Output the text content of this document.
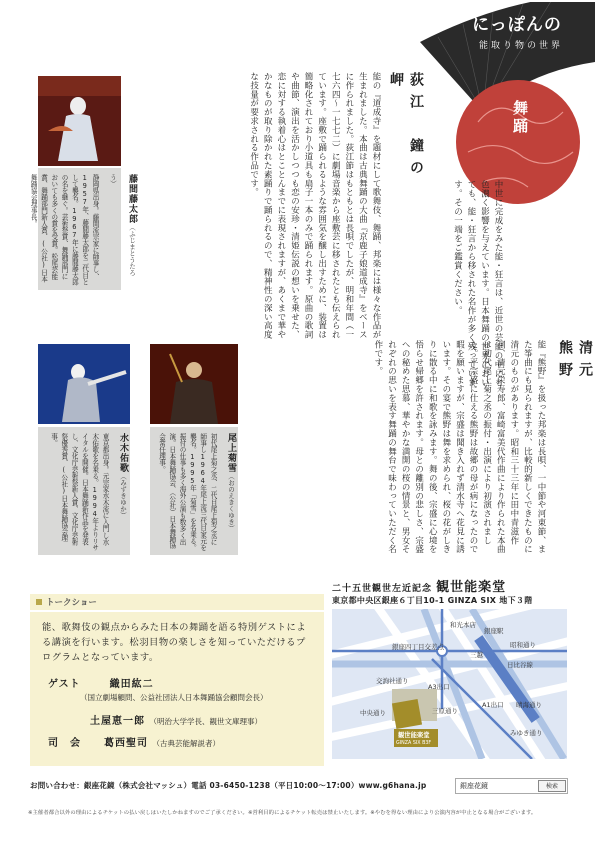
にっぽんの
能取り物の世界
舞踊
中世に完成をみた能・狂言は、近世の芸能の中にも色濃く影響を与えています。日本舞踊の世界においても、能・狂言から移された名作が多く残っています。その一端をご鑑賞ください。
荻江　鐘の岬
能の『道成寺』を題材にして歌舞伎、舞踊、邦楽には様々な作品が生まれました。本曲は古典舞踊の大曲『京鹿子娘道成寺』をベースに作られました。荻江節はもともとは長唄でしたが、明和年間（一七六四〜一七七二）に劇場音楽から座敷芸に移されたとも伝えられています。座敷で踊られるような雰囲気を醸し出すために、装置は簡略化されており小道具も扇子一本のみで踊られます。原曲の歌詞や曲節、演出を活かしつつも恋の安珍・清姫伝説の想いを乗せた、恋に対する執着心はとことんまでに表現されますが、あくまで華やかなものが取り除かれた素踊りで踊られるので、精神性の深い高度な技量が要求される作品です。
藤間藤太郎（ふじまとうたろう）
静岡県出身。藤間流宗家に師事し、1957年、藤間藤太郎を二代目として襲名。1967年に藤間藤太郎の名を継ぐ。芸術祭賞、舞踊部門においても多くの賞を受賞。松尾芸能賞、舞踊部門新人賞、(公社)日本舞踊協会理事長。
清元　熊野
能『熊野』を扱った邦楽は長唄、一中節や河東節、また筝曲にも見られますが、比較的新しくできたものに清元のものがあります。昭和三十三年に田中青滋作詞、清元栄寿郎、富崎富美代作曲により作られた本曲は初代尾上菊之丞の振付・出演により初演されました。平宗盛に仕える熊野は故郷の母が病になったので暇を願いますが、宗盛は聞き入れず清水寺へ花見に誘います。その宴で熊野は舞を求められ、桜の花がしきりに散る中に和歌を詠みます。舞の後、宗盛に心境を悟らせ帰郷を許されます。母との離別の悲しさ、宗盛への秘めた思慕、華やかな満開の桜の情景と、男女それぞれの思いを表す舞踊の舞台で味わっていただく名作です。
水木佑歌（みずきゆか）
東京都出身。元宗家水木流に入門し水木佑歌を名乗る。1994年よりリサイタルを開催。日本舞踊新作品を発表し、文化庁芸術祭新人賞、文化庁芸術祭優秀賞、(公社)日本舞踊協会理事。	尾上菊雪（おのえきくゆき）
初代尾上菊之丞、二代目尾上菊之丞に師事し1964年尾上流三代目家元を襲名。1995年「菊雪」を名乗る。振付の仕事も多く海外公演も数多く出演。日本舞踊協会、（公社）日本舞踊協会常任理事。
トークショー

能、歌舞伎の観点からみた日本の舞踊を語る特別ゲストによる講演を行います。松羽目物の楽しさを知っていただけるプログラムとなっています。

ゲスト	織田紘二
（国立劇場顧問、公益社団法人日本舞踊協会顧問会長）
土屋恵一郎 （明治大学学長、観世文庫理事）
司　会 葛西聖司 （古典芸能解説者）
二十五世観世左近記念 観世能楽堂
東京都中央区銀座６丁目10-1 GINZA SIX 地下３階
和光本店
銀座駅
銀座四丁目交差点
三越
日比谷線
昭和通り
A3出口
交詢社通り
A1出口 晴海通り
中央通り	三原通り
みゆき通り
観世能楽堂
GINZA SIX B3F
お問い合わせ：銀座花鏡（株式会社マッシュ）電話 03-6450-1238（平日10:00〜17:00）www.g6hana.jp	銀座花鏡	検索
※主催者都合以外の理由によるチケットの払い戻しはいたしかねますのでご了承ください。※営利目的によるチケット転売は禁止いたします。※やむを得ない理由により公演内容が中止となる場合がございます。
